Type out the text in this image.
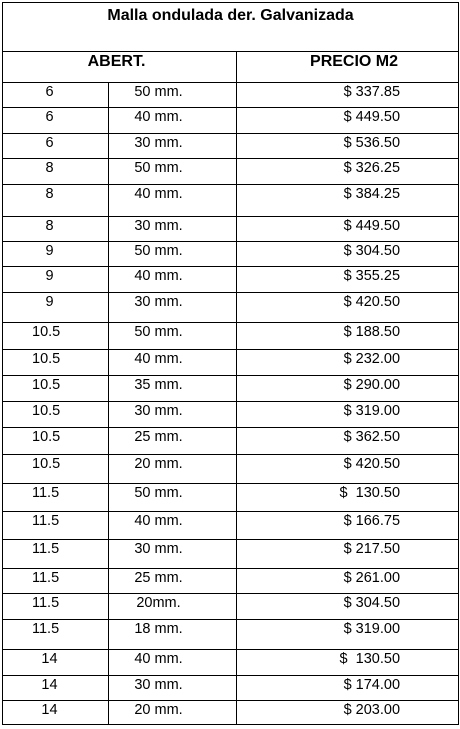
Malla ondulada der. Galvanizada		
ABERT.		PRECIO M2
6	50 mm.	$ 337.85
6	40 mm.	$ 449.50
6	30 mm.	$ 536.50
8	50 mm.	$ 326.25
8	40 mm.	$ 384.25
8	30 mm.	$ 449.50
9	50 mm.	$ 304.50
9	40 mm.	$ 355.25
9	30 mm.	$ 420.50
10.5	50 mm.	$ 188.50
10.5	40 mm.	$ 232.00
10.5	35 mm.	$ 290.00
10.5	30 mm.	$ 319.00
10.5	25 mm.	$ 362.50
10.5	20 mm.	$ 420.50
11.5	50 mm.	$  130.50
11.5	40 mm.	$ 166.75
11.5	30 mm.	$ 217.50
11.5	25 mm.	$ 261.00
11.5	20mm.	$ 304.50
11.5	18 mm.	$ 319.00
14	40 mm.	$  130.50
14	30 mm.	$ 174.00
14	20 mm.	$ 203.00
